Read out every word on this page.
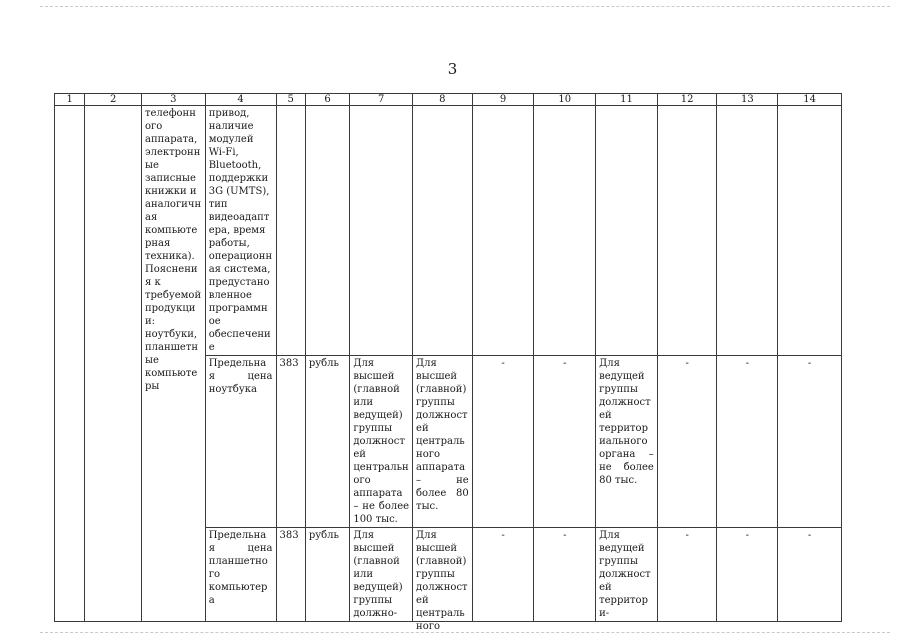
3
1	2	3	4	5	6	7	8	9	10	11	12	13	14

		телефонного аппарата, электронные записные книжки и аналогичная компьютерная техника). Пояснения к требуемой продукции: ноутбуки, планшетные компьютеры	привод, наличие модулей Wi-Fi, Bluetooth, поддержки 3G (UMTS), тип видеоадаптера, время работы, операционная система, предустановленное программное обеспечение										

			Предельная цена ноутбука	383	рубль	Для высшей (главной или ведущей) группы должностей центрального аппарата – не более 100 тыс.	Для высшей (главной) группы должностей центрального аппарата – не более 80 тыс.	-	-	Для ведущей группы должностей территориального органа – не более 80 тыс.	-	-	-

			Предельная цена планшетного компьютера	383	рубль	Для высшей (главной или ведущей) группы должно-	Для высшей (главной) группы должностей центрального	-	-	Для ведущей группы должностей территори-	-	-	-
